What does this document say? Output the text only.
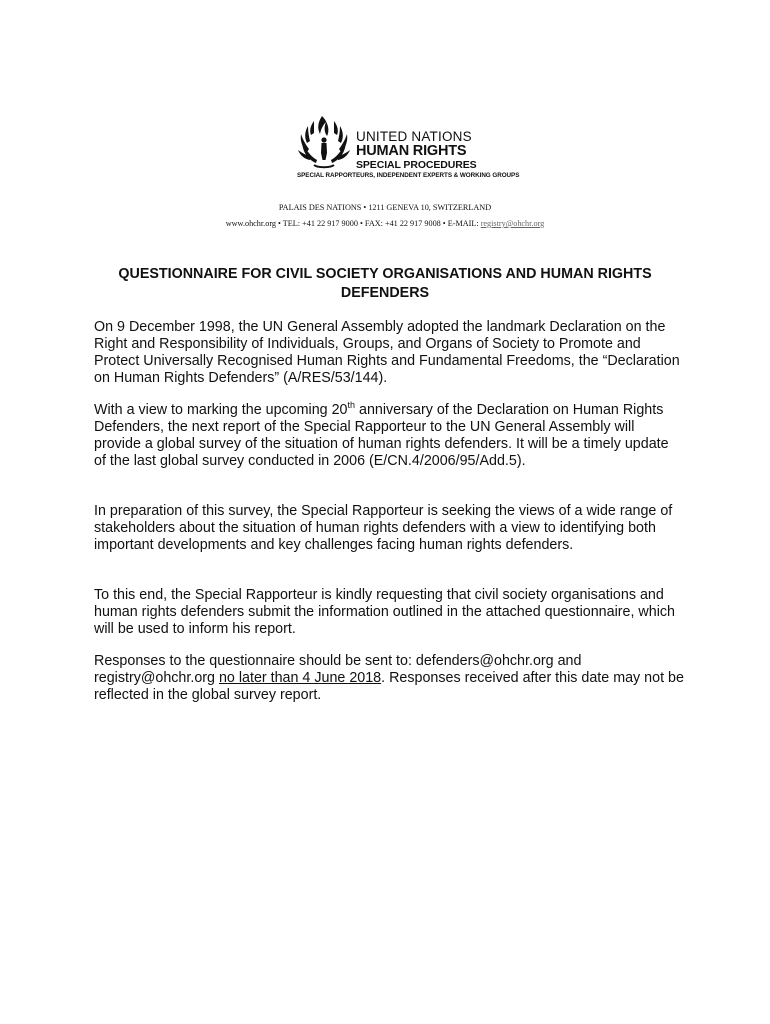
UNITED NATIONS

HUMAN RIGHTS

SPECIAL PROCEDURES

SPECIAL RAPPORTEURS, INDEPENDENT EXPERTS & WORKING GROUPS

PALAIS DES NATIONS • 1211 GENEVA 10, SWITZERLAND

www.ohchr.org • TEL: +41 22 917 9000 • FAX: +41 22 917 9008 • E-MAIL: registry@ohchr.org

QUESTIONNAIRE FOR CIVIL SOCIETY ORGANISATIONS AND HUMAN RIGHTS DEFENDERS

On 9 December 1998, the UN General Assembly adopted the landmark Declaration on the Right and Responsibility of Individuals, Groups, and Organs of Society to Promote and Protect Universally Recognised Human Rights and Fundamental Freedoms, the “Declaration on Human Rights Defenders” (A/RES/53/144).

With a view to marking the upcoming 20th anniversary of the Declaration on Human Rights Defenders, the next report of the Special Rapporteur to the UN General Assembly will provide a global survey of the situation of human rights defenders. It will be a timely update of the last global survey conducted in 2006 (E/CN.4/2006/95/Add.5).

In preparation of this survey, the Special Rapporteur is seeking the views of a wide range of stakeholders about the situation of human rights defenders with a view to identifying both important developments and key challenges facing human rights defenders.

To this end, the Special Rapporteur is kindly requesting that civil society organisations and human rights defenders submit the information outlined in the attached questionnaire, which will be used to inform his report.

Responses to the questionnaire should be sent to: defenders@ohchr.org and registry@ohchr.org no later than 4 June 2018. Responses received after this date may not be reflected in the global survey report.
